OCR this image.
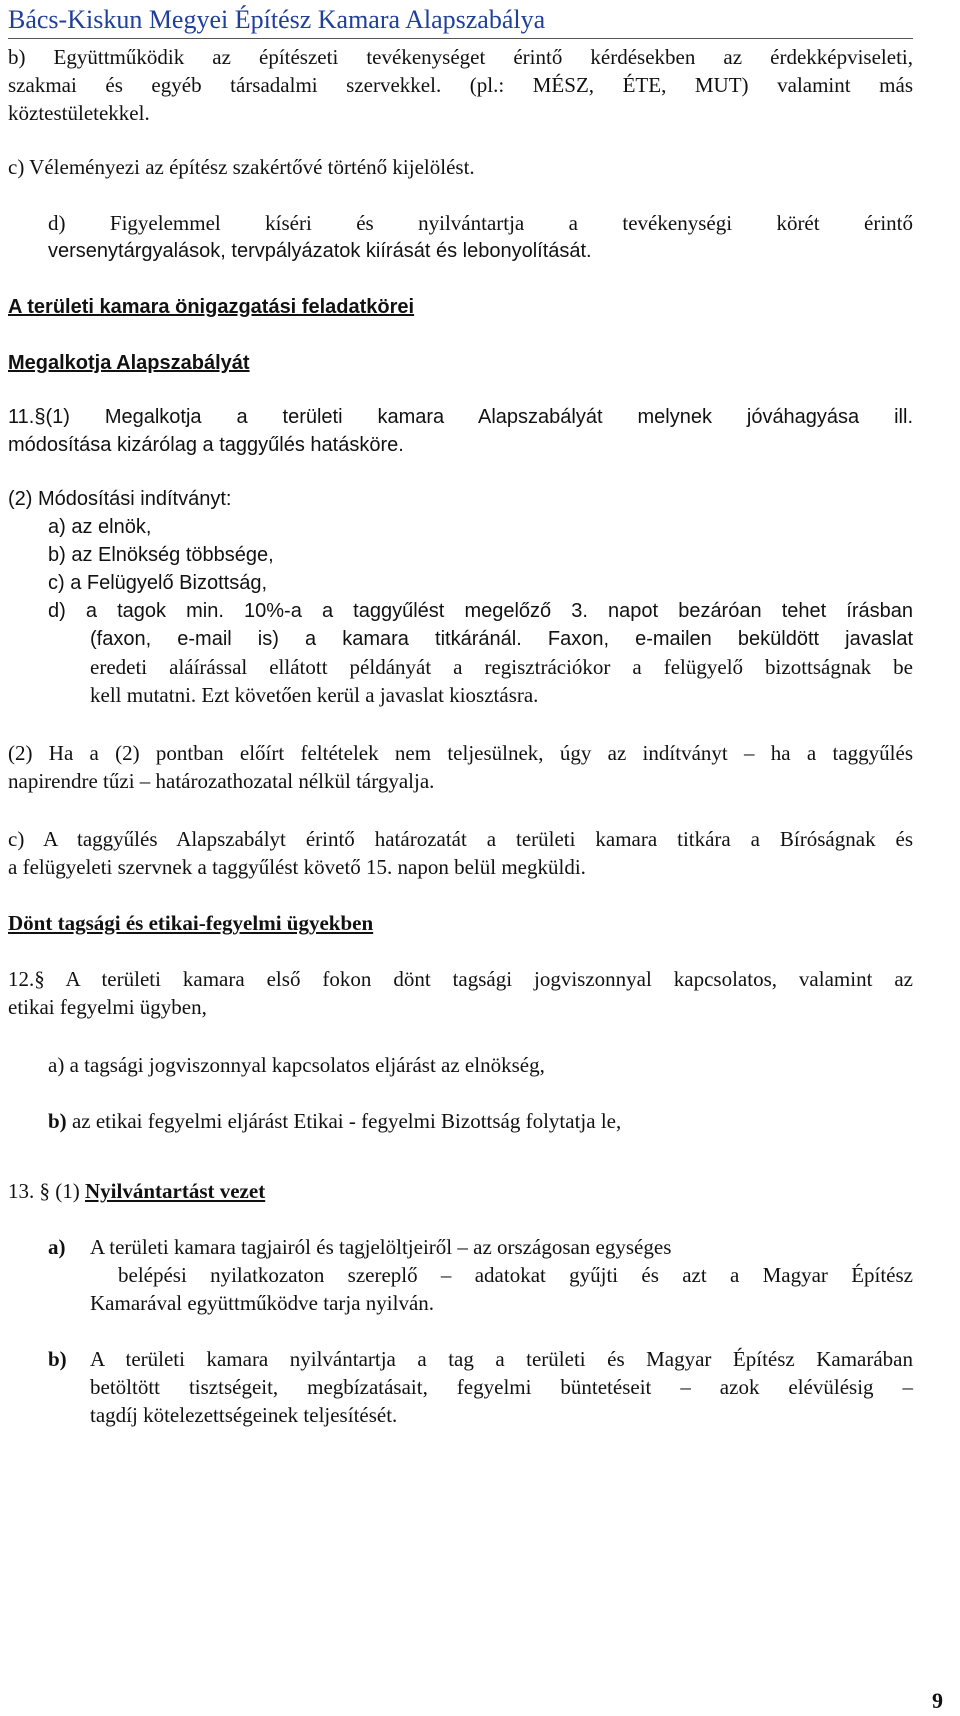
Bács-Kiskun Megyei Építész Kamara Alapszabálya
b) Együttműködik az építészeti tevékenységet érintő kérdésekben az érdekképviseleti,
szakmai és egyéb társadalmi szervekkel. (pl.: MÉSZ, ÉTE, MUT) valamint más
köztestületekkel.
c) Véleményezi az építész szakértővé történő kijelölést.
d) Figyelemmel kíséri és nyilvántartja a tevékenységi körét érintő
versenytárgyalások, tervpályázatok kiírását és lebonyolítását.
A területi kamara önigazgatási feladatkörei
Megalkotja Alapszabályát
11.§(1) Megalkotja a területi kamara Alapszabályát melynek jóváhagyása ill.
módosítása kizárólag a taggyűlés hatásköre.
(2) Módosítási indítványt:
a) az elnök,
b) az Elnökség többsége,
c) a Felügyelő Bizottság,
d) a tagok min. 10%-a a taggyűlést megelőző 3. napot bezáróan tehet írásban
(faxon, e-mail is) a kamara titkáránál. Faxon, e-mailen beküldött javaslat
eredeti aláírással ellátott példányát a regisztrációkor a felügyelő bizottságnak be
kell mutatni. Ezt követően kerül a javaslat kiosztásra.
(2) Ha a (2) pontban előírt feltételek nem teljesülnek, úgy az indítványt – ha a taggyűlés
napirendre tűzi – határozathozatal nélkül tárgyalja.
c) A taggyűlés Alapszabályt érintő határozatát a területi kamara titkára a Bíróságnak és
a felügyeleti szervnek a taggyűlést követő 15. napon belül megküldi.
Dönt tagsági és etikai-fegyelmi ügyekben
12.§ A területi kamara első fokon dönt tagsági jogviszonnyal kapcsolatos, valamint az
etikai fegyelmi ügyben,
a) a tagsági jogviszonnyal kapcsolatos eljárást az elnökség,
b) az etikai fegyelmi eljárást Etikai - fegyelmi Bizottság folytatja le,
13. § (1) Nyilvántartást vezet
a) A területi kamara tagjairól és tagjelöltjeiről – az országosan egységes
belépési nyilatkozaton szereplő – adatokat gyűjti és azt a Magyar Építész
Kamarával együttműködve tarja nyilván.
b) A területi kamara nyilvántartja a tag a területi és Magyar Építész Kamarában
betöltött tisztségeit, megbízatásait, fegyelmi büntetéseit – azok elévülésig –
tagdíj kötelezettségeinek teljesítését.
9
